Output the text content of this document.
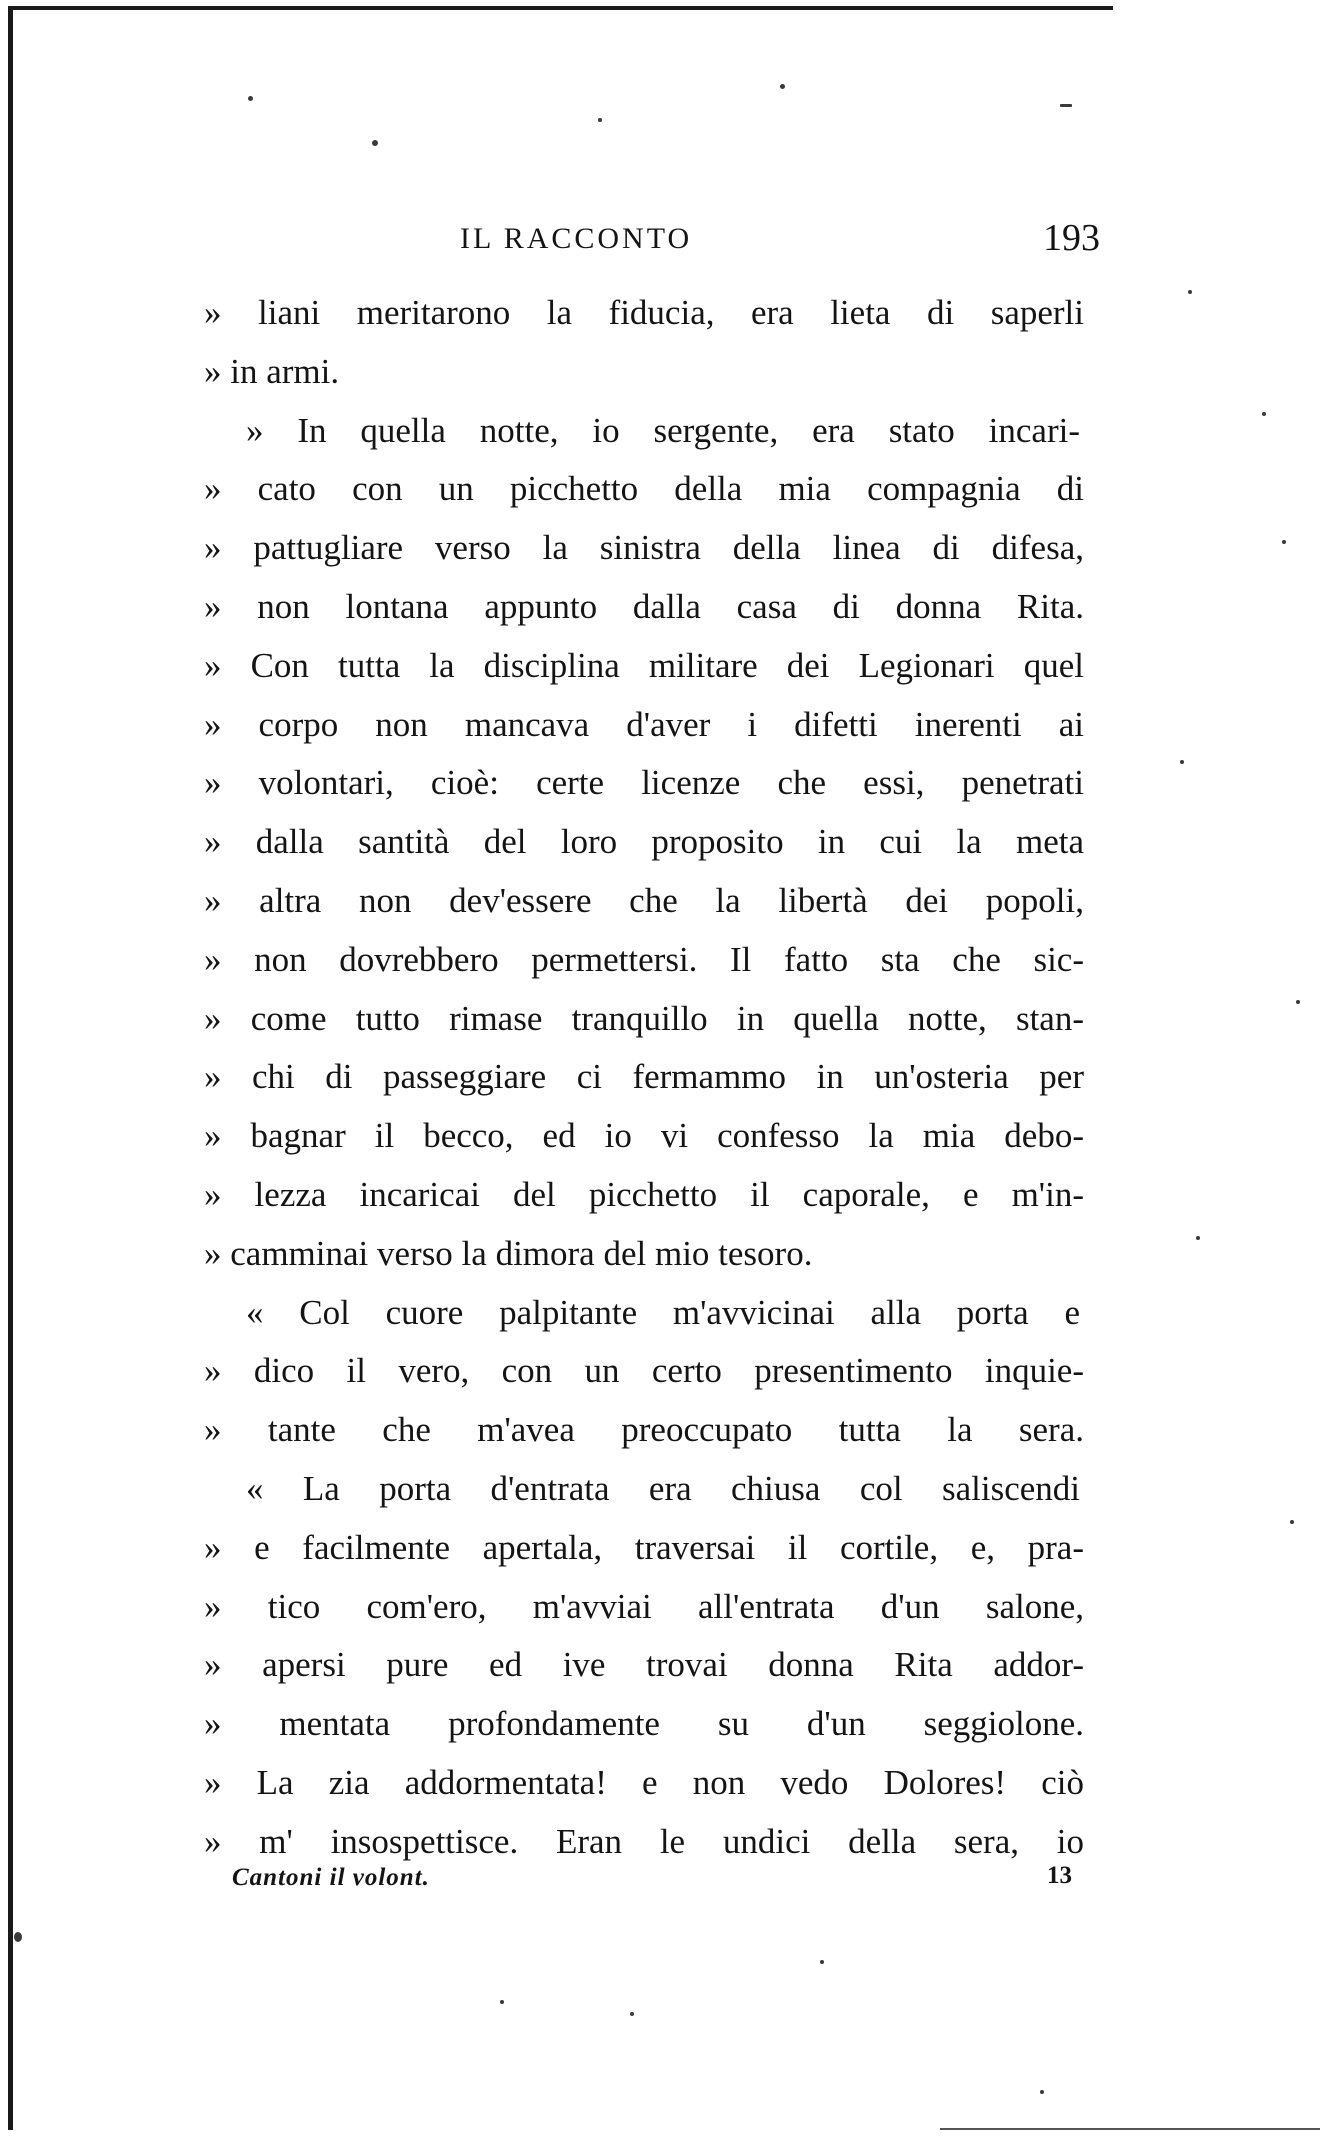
IL RACCONTO	193
» liani meritarono la fiducia, era lieta di saperli
» in armi.
» In quella notte, io sergente, era stato incari-
» cato con un picchetto della mia compagnia di
» pattugliare verso la sinistra della linea di difesa,
» non lontana appunto dalla casa di donna Rita.
» Con tutta la disciplina militare dei Legionari quel
» corpo non mancava d'aver i difetti inerenti ai
» volontari, cioè: certe licenze che essi, penetrati
» dalla santità del loro proposito in cui la meta
» altra non dev'essere che la libertà dei popoli,
» non dovrebbero permettersi. Il fatto sta che sic-
» come tutto rimase tranquillo in quella notte, stan-
» chi di passeggiare ci fermammo in un'osteria per
» bagnar il becco, ed io vi confesso la mia debo-
» lezza incaricai del picchetto il caporale, e m'in-
» camminai verso la dimora del mio tesoro.
« Col cuore palpitante m'avvicinai alla porta e
» dico il vero, con un certo presentimento inquie-
» tante che m'avea preoccupato tutta la sera.
« La porta d'entrata era chiusa col saliscendi
» e facilmente apertala, traversai il cortile, e, pra-
» tico com'ero, m'avviai all'entrata d'un salone,
» apersi pure ed ive trovai donna Rita addor-
» mentata profondamente su d'un seggiolone.
» La zia addormentata! e non vedo Dolores! ciò
» m' insospettisce. Eran le undici della sera, io
Cantoni il volont.	13
